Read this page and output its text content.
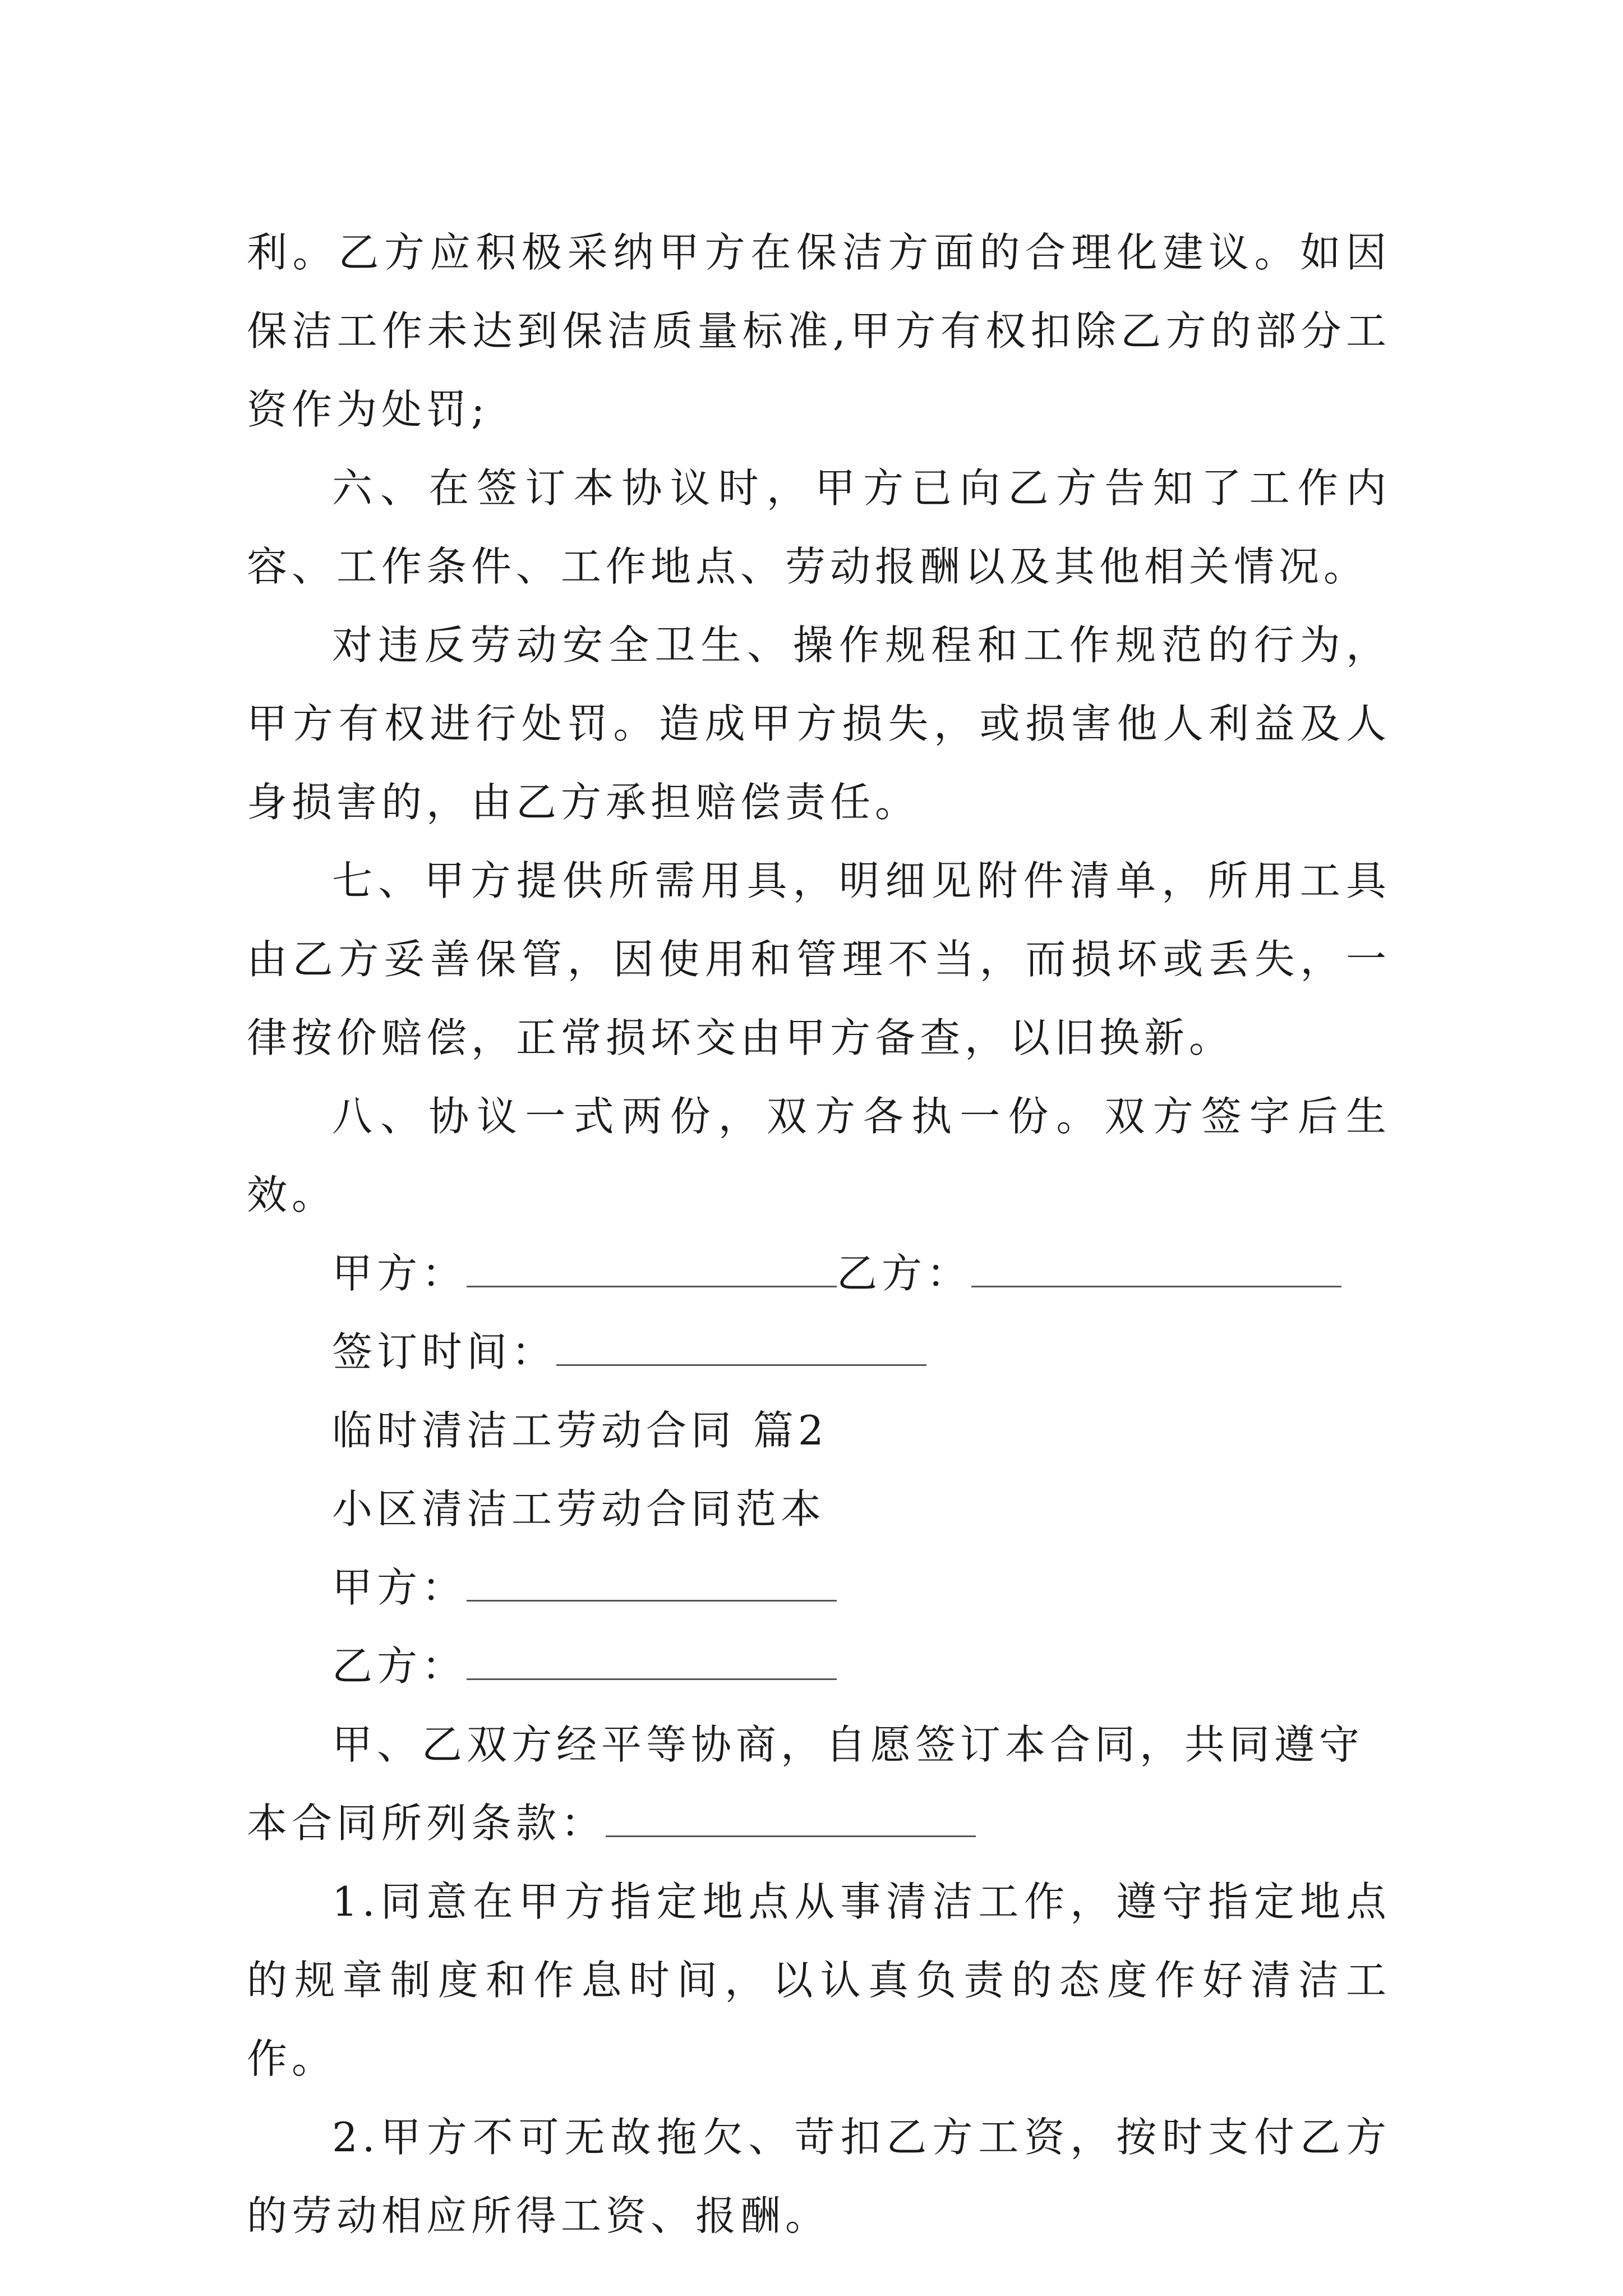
利。乙方应积极采纳甲方在保洁方面的合理化建议。如因保洁工作未达到保洁质量标准,甲方有权扣除乙方的部分工资作为处罚;

六、在签订本协议时，甲方已向乙方告知了工作内容、工作条件、工作地点、劳动报酬以及其他相关情况。

对违反劳动安全卫生、操作规程和工作规范的行为，甲方有权进行处罚。造成甲方损失，或损害他人利益及人身损害的，由乙方承担赔偿责任。

七、甲方提供所需用具，明细见附件清单，所用工具由乙方妥善保管，因使用和管理不当，而损坏或丢失，一律按价赔偿，正常损坏交由甲方备查，以旧换新。

八、协议一式两份，双方各执一份。双方签字后生效。

甲方：	乙方：

签订时间：

临时清洁工劳动合同 篇2

小区清洁工劳动合同范本

甲方：

乙方：

甲、乙双方经平等协商，自愿签订本合同，共同遵守本合同所列条款：

1.同意在甲方指定地点从事清洁工作，遵守指定地点的规章制度和作息时间，以认真负责的态度作好清洁工作。

2.甲方不可无故拖欠、苛扣乙方工资，按时支付乙方的劳动相应所得工资、报酬。
